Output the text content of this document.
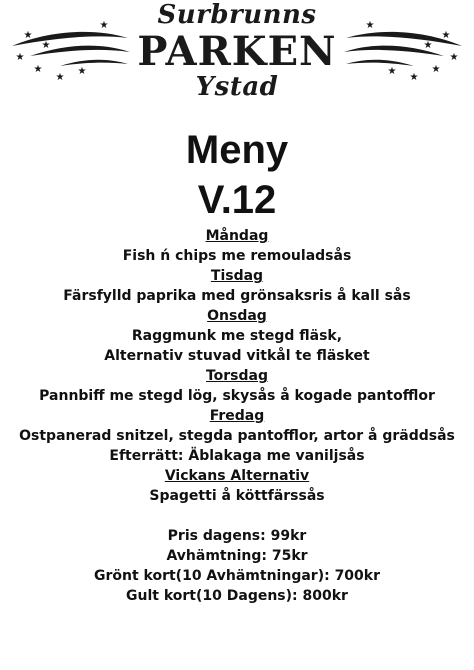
★
★
★
★
★
★
★
★
★
★
★
★
★
★
Surbrunns
PARKEN
Ystad
Meny
V.12
Måndag
Fish ń chips me remouladsås
Tisdag
Färsfylld paprika med grönsaksris å kall sås
Onsdag
Raggmunk me stegd fläsk,
Alternativ stuvad vitkål te fläsket
Torsdag
Pannbiff me stegd lög, skysås å kogade pantofflor
Fredag
Ostpanerad snitzel, stegda pantofflor, artor å gräddsås
Efterrätt: Äblakaga me vaniljsås
Vickans Alternativ
Spagetti å köttfärssås
Pris dagens: 99kr
Avhämtning: 75kr
Grönt kort(10 Avhämtningar): 700kr
Gult kort(10 Dagens): 800kr
